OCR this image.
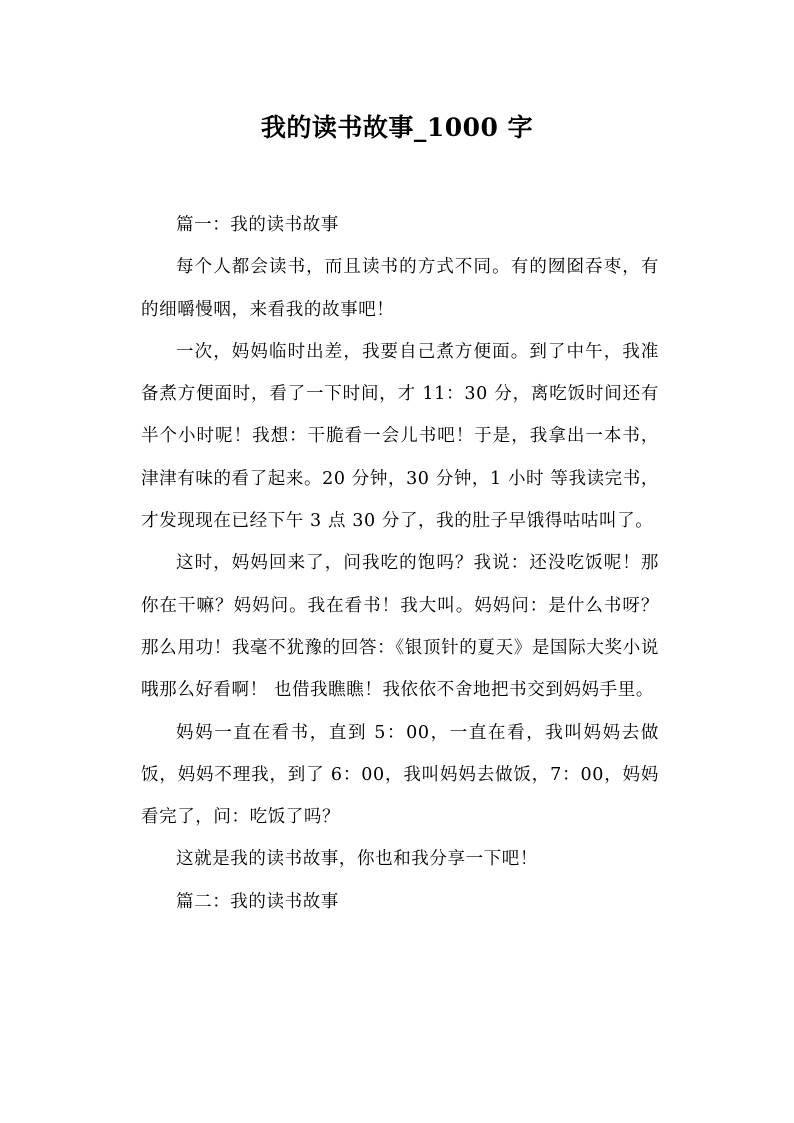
我的读书故事_1000 字

篇一：我的读书故事

每个人都会读书，而且读书的方式不同。有的囫囵吞枣，有的细嚼慢咽，来看我的故事吧！

一次，妈妈临时出差，我要自己煮方便面。到了中午，我准备煮方便面时，看了一下时间，才 11：30 分，离吃饭时间还有半个小时呢！我想：干脆看一会儿书吧！于是，我拿出一本书，津津有味的看了起来。20 分钟，30 分钟，1 小时 等我读完书，才发现现在已经下午 3 点 30 分了，我的肚子早饿得咕咕叫了。

这时，妈妈回来了，问我吃的饱吗？我说：还没吃饭呢！那你在干嘛？妈妈问。我在看书！我大叫。妈妈问：是什么书呀？那么用功！我毫不犹豫的回答：《银顶针的夏天》是国际大奖小说哦那么好看啊！ 也借我瞧瞧！我依依不舍地把书交到妈妈手里。

妈妈一直在看书，直到 5：00，一直在看，我叫妈妈去做饭，妈妈不理我，到了 6：00，我叫妈妈去做饭，7：00，妈妈看完了，问：吃饭了吗？

这就是我的读书故事，你也和我分享一下吧！

篇二：我的读书故事
